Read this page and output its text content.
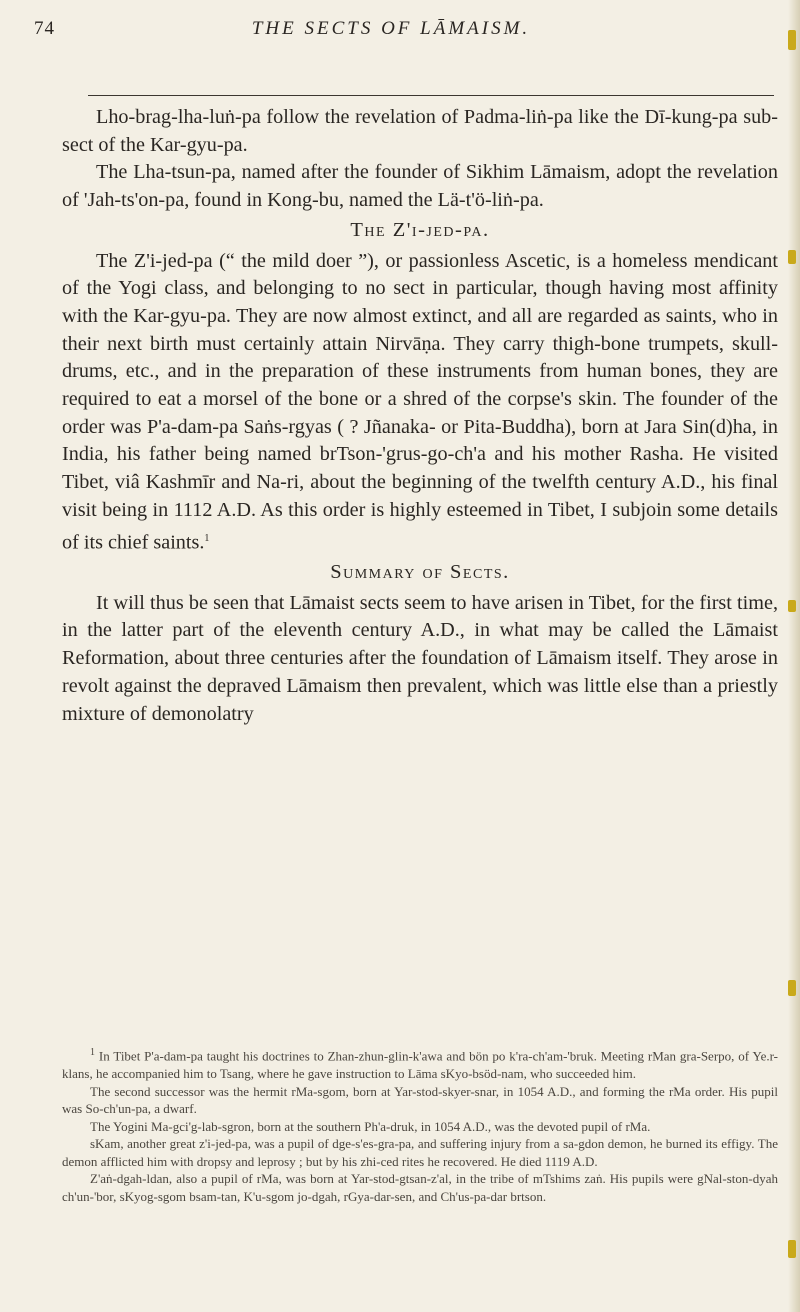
74	THE SECTS OF LĀMAISM.

Lho-brag-lha-luṅ-pa follow the revelation of Padma-liṅ-pa like the Dī-kung-pa sub-sect of the Kar-gyu-pa.

The Lha-tsun-pa, named after the founder of Sikhim Lāmaism, adopt the revelation of 'Jah-ts'on-pa, found in Kong-bu, named the Lä-t'ö-liṅ-pa.

The Z'i-jed-pa.

The Z'i-jed-pa (“ the mild doer ”), or passionless Ascetic, is a homeless mendicant of the Yogi class, and belonging to no sect in particular, though having most affinity with the Kar-gyu-pa. They are now almost extinct, and all are regarded as saints, who in their next birth must certainly attain Nirvāṇa. They carry thigh-bone trumpets, skull-drums, etc., and in the preparation of these instruments from human bones, they are required to eat a morsel of the bone or a shred of the corpse's skin. The founder of the order was P'a-dam-pa Saṅs-rgyas ( ? Jñanaka- or Pita-Buddha), born at Jara Sin(d)ha, in India, his father being named brTson-'grus-go-ch'a and his mother Rasha. He visited Tibet, viâ Kashmīr and Na-ri, about the beginning of the twelfth century A.D., his final visit being in 1112 A.D. As this order is highly esteemed in Tibet, I subjoin some details of its chief saints.$^1$

Summary of Sects.

It will thus be seen that Lāmaist sects seem to have arisen in Tibet, for the first time, in the latter part of the eleventh century A.D., in what may be called the Lāmaist Reformation, about three centuries after the foundation of Lāmaism itself. They arose in revolt against the depraved Lāmaism then prevalent, which was little else than a priestly mixture of demonolatry

$^1$ In Tibet P'a-dam-pa taught his doctrines to Zhan-zhun-glin-k'awa and bön po k'ra-ch'am-'bruk. Meeting rMan gra-Serpo, of Ye.r-klans, he accompanied him to Tsang, where he gave instruction to Lāma sKyo-bsöd-nam, who succeeded him.

The second successor was the hermit rMa-sgom, born at Yar-stod-skyer-snar, in 1054 A.D., and forming the rMa order. His pupil was So-ch'un-pa, a dwarf.

The Yogini Ma-gci'g-lab-sgron, born at the southern Ph'a-druk, in 1054 A.D., was the devoted pupil of rMa.

sKam, another great z'i-jed-pa, was a pupil of dge-s'es-gra-pa, and suffering injury from a sa-gdon demon, he burned its effigy. The demon afflicted him with dropsy and leprosy ; but by his zhi-ced rites he recovered. He died 1119 A.D.

Z'aṅ-dgah-ldan, also a pupil of rMa, was born at Yar-stod-gtsan-z'al, in the tribe of mTshims zaṅ. His pupils were gNal-ston-dyah ch'un-'bor, sKyog-sgom bsam-tan, K'u-sgom jo-dgah, rGya-dar-sen, and Ch'us-pa-dar brtson.
